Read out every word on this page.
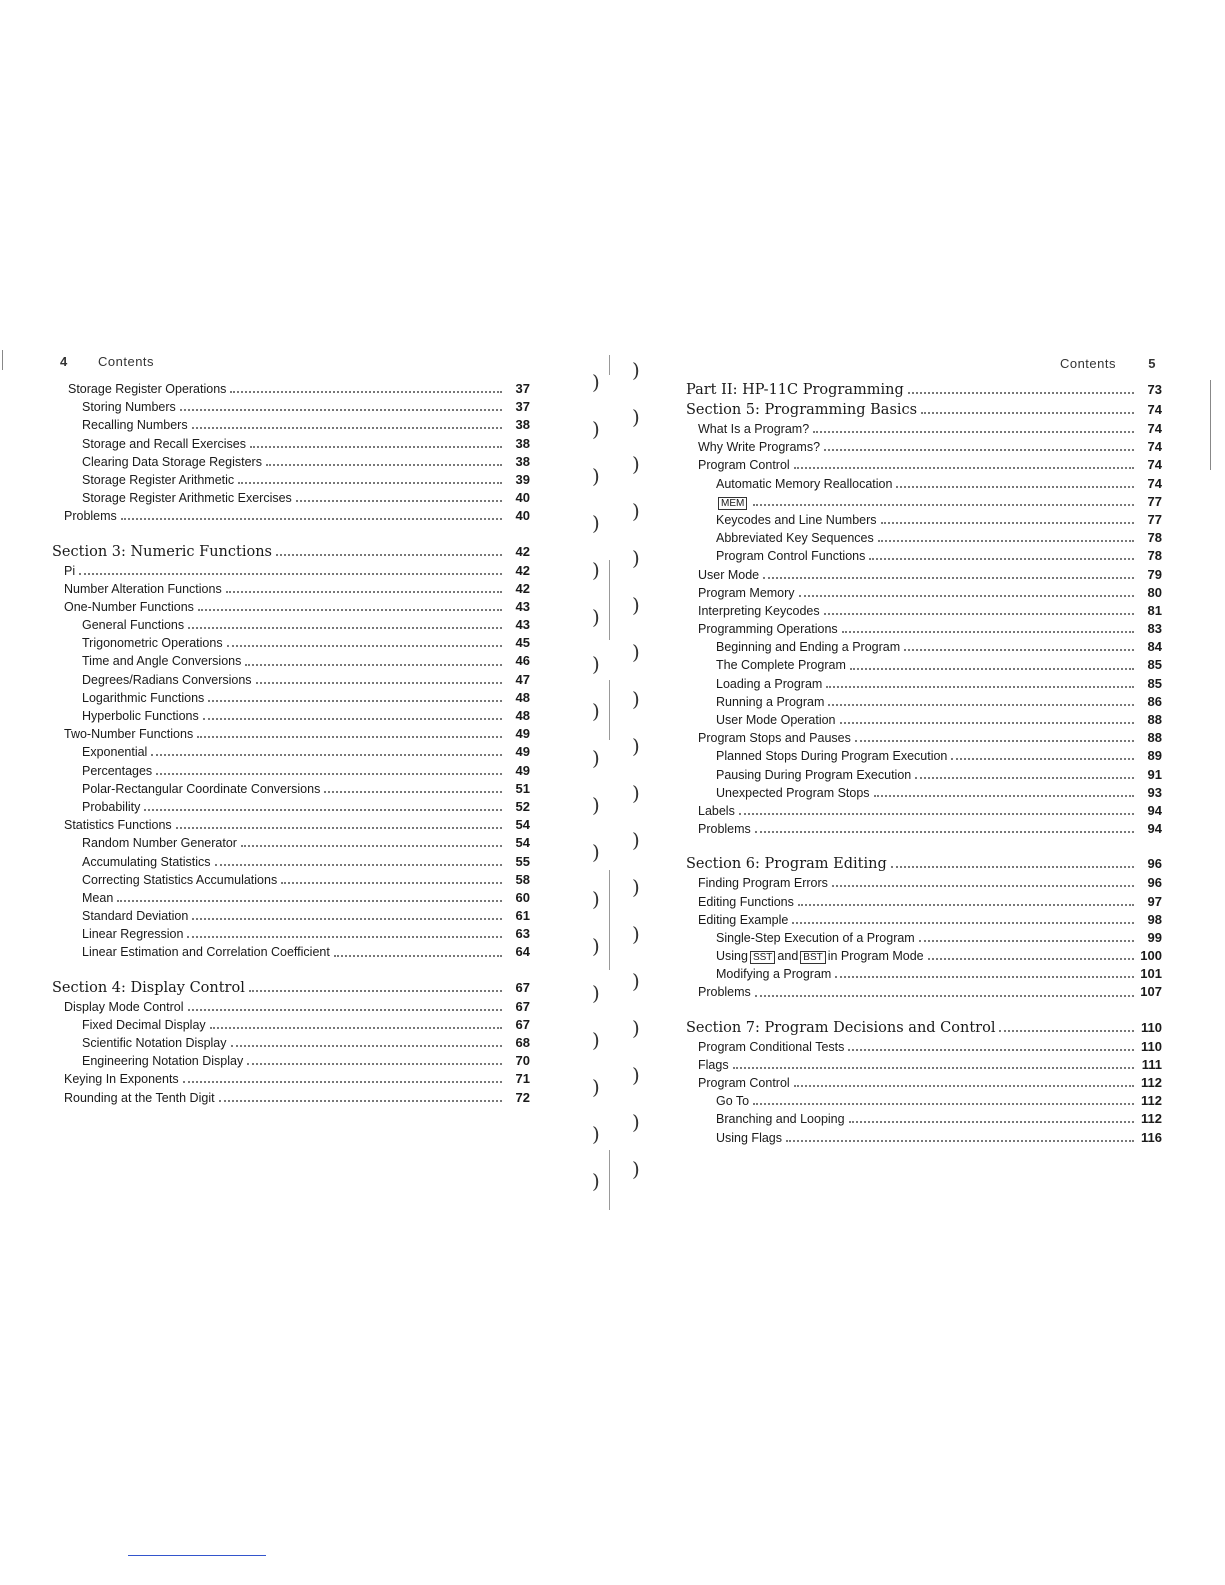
4 Contents
Storage Register Operations	37
Storing Numbers	37
Recalling Numbers	38
Storage and Recall Exercises	38
Clearing Data Storage Registers	38
Storage Register Arithmetic	39
Storage Register Arithmetic Exercises	40
Problems	40
Section 3: Numeric Functions	42
Pi	42
Number Alteration Functions	42
One-Number Functions	43
General Functions	43
Trigonometric Operations	45
Time and Angle Conversions	46
Degrees/Radians Conversions	47
Logarithmic Functions	48
Hyperbolic Functions	48
Two-Number Functions	49
Exponential	49
Percentages	49
Polar-Rectangular Coordinate Conversions	51
Probability	52
Statistics Functions	54
Random Number Generator	54
Accumulating Statistics	55
Correcting Statistics Accumulations	58
Mean	60
Standard Deviation	61
Linear Regression	63
Linear Estimation and Correlation Coefficient	64
Section 4: Display Control	67
Display Mode Control	67
Fixed Decimal Display	67
Scientific Notation Display	68
Engineering Notation Display	70
Keying In Exponents	71
Rounding at the Tenth Digit	72
) )
) )
) )
) )
) )
) )
) )
) )
) )
) )
) )
) )
) )
) )
) )
) )
) )
) )
Contents 5
Part II: HP-11C Programming	73
Section 5: Programming Basics	74
What Is a Program?	74
Why Write Programs?	74
Program Control	74
Automatic Memory Reallocation	74
MEM	77
Keycodes and Line Numbers	77
Abbreviated Key Sequences	78
Program Control Functions	78
User Mode	79
Program Memory	80
Interpreting Keycodes	81
Programming Operations	83
Beginning and Ending a Program	84
The Complete Program	85
Loading a Program	85
Running a Program	86
User Mode Operation	88
Program Stops and Pauses	88
Planned Stops During Program Execution	89
Pausing During Program Execution	91
Unexpected Program Stops	93
Labels	94
Problems	94
Section 6: Program Editing	96
Finding Program Errors	96
Editing Functions	97
Editing Example	98
Single-Step Execution of a Program	99
Using SST and BST in Program Mode	100
Modifying a Program	101
Problems	107
Section 7: Program Decisions and Control	110
Program Conditional Tests	110
Flags	111
Program Control	112
Go To	112
Branching and Looping	112
Using Flags	116
